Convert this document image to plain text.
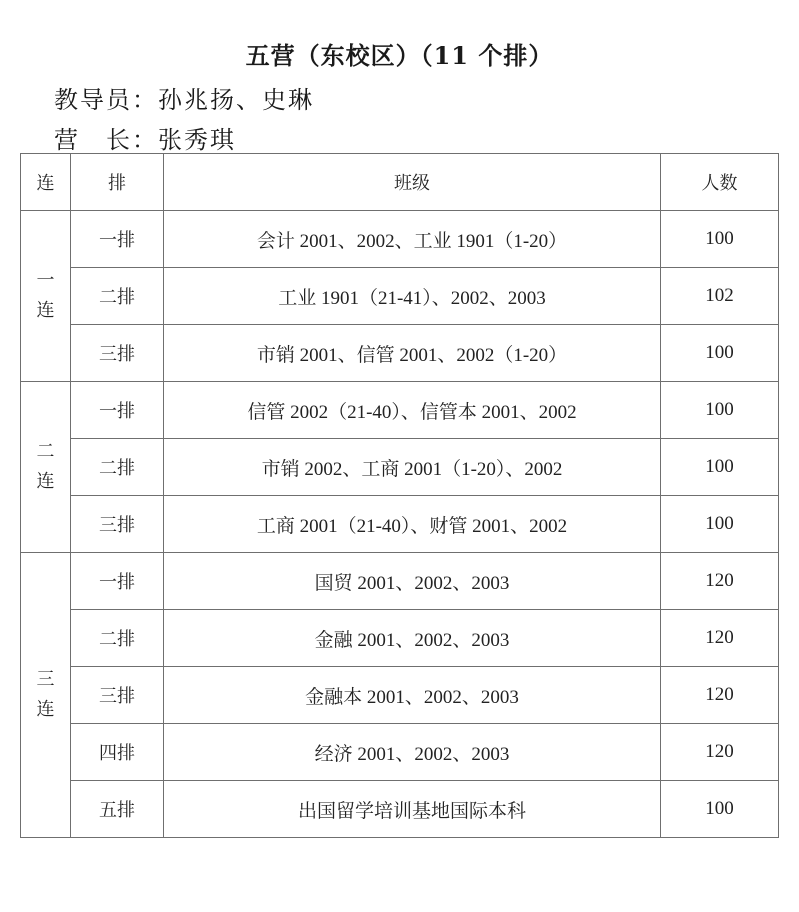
五营（东校区）（11 个排）
教导员：孙兆扬、史琳
营　长：张秀琪
连	排	班级	人数

一
连	一排	会计 2001、2002、工业 1901（1-20）	100
	二排	工业 1901（21-41）、2002、2003	102
	三排	市销 2001、信管 2001、2002（1-20）	100

二
连	一排	信管 2002（21-40）、信管本 2001、2002	100
	二排	市销 2002、工商 2001（1-20）、2002	100
	三排	工商 2001（21-40）、财管 2001、2002	100

三
连	一排	国贸 2001、2002、2003	120
	二排	金融 2001、2002、2003	120
	三排	金融本 2001、2002、2003	120
	四排	经济 2001、2002、2003	120
	五排	出国留学培训基地国际本科	100
